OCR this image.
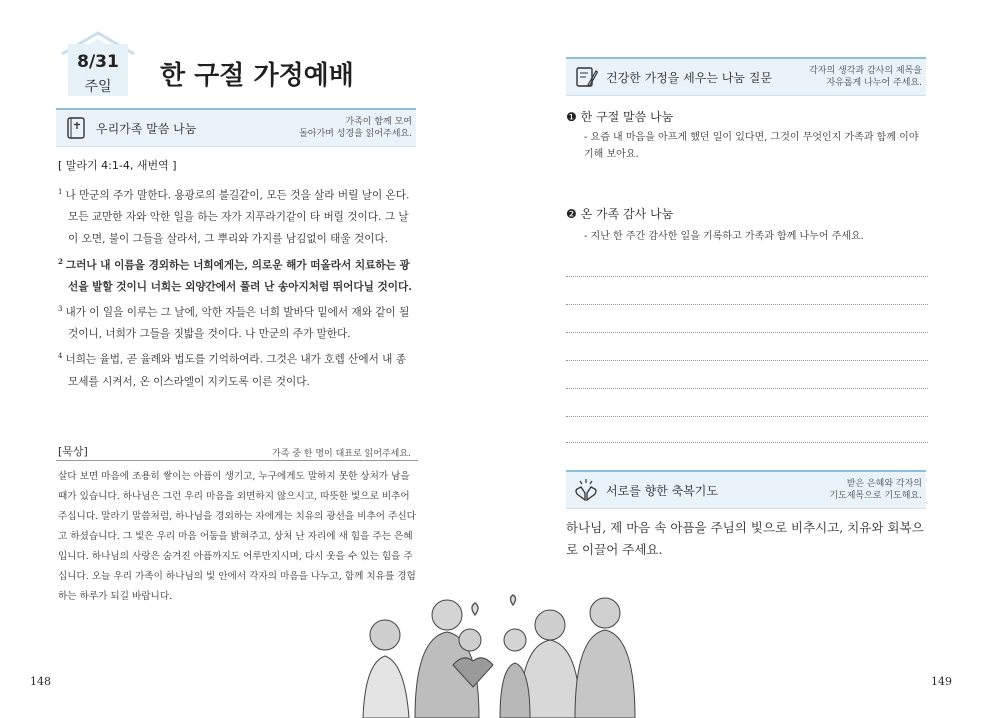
8/31
주일	한 구절 가정예배
우리가족 말씀 나눔	가족이 함께 모여
돌아가며 성경을 읽어주세요.
[ 말라기 4:1-4, 새번역 ]

$^1$ 나 만군의 주가 말한다. 용광로의 불길같이, 모든 것을 살라 버릴 날이 온다. 모든 교만한 자와 악한 일을 하는 자가 지푸라기같이 타 버릴 것이다. 그 날이 오면, 불이 그들을 살라서, 그 뿌리와 가지를 남김없이 태울 것이다.

$^2$ 그러나 내 이름을 경외하는 너희에게는, 의로운 해가 떠올라서 치료하는 광선을 발할 것이니 너희는 외양간에서 풀려 난 송아지처럼 뛰어다닐 것이다.

$^3$ 내가 이 일을 이루는 그 날에, 악한 자들은 너희 발바닥 밑에서 재와 같이 될 것이니, 너희가 그들을 짓밟을 것이다. 나 만군의 주가 말한다.

$^4$ 너희는 율법, 곧 율례와 법도를 기억하여라. 그것은 내가 호렙 산에서 내 종 모세를 시켜서, 온 이스라엘이 지키도록 이른 것이다.

[묵상]	가족 중 한 명이 대표로 읽어주세요.
살다 보면 마음에 조용히 쌓이는 아픔이 생기고, 누구에게도 말하지 못한 상처가 남을 때가 있습니다. 하나님은 그런 우리 마음을 외면하지 않으시고, 따뜻한 빛으로 비추어 주십니다. 말라기 말씀처럼, 하나님을 경외하는 자에게는 치유의 광선을 비추어 주신다고 하셨습니다. 그 빛은 우리 마음 어둠을 밝혀주고, 상처 난 자리에 새 힘을 주는 은혜입니다. 하나님의 사랑은 숨겨진 아픔까지도 어루만지시며, 다시 웃을 수 있는 힘을 주십니다. 오늘 우리 가족이 하나님의 빛 안에서 각자의 마음을 나누고, 함께 치유를 경험하는 하루가 되길 바랍니다.
148
건강한 가정을 세우는 나눔 질문	각자의 생각과 감사의 제목을
자유롭게 나누어 주세요.
❶ 한 구절 말씀 나눔
- 요즘 내 마음을 아프게 했던 일이 있다면, 그것이 무엇인지 가족과 함께 이야기해 보아요.
❷ 온 가족 감사 나눔
- 지난 한 주간 감사한 일을 기록하고 가족과 함께 나누어 주세요.
서로를 향한 축복기도	받은 은혜와 각자의
기도제목으로 기도해요.
하나님, 제 마음 속 아픔을 주님의 빛으로 비추시고, 치유와 회복으로 이끌어 주세요.
149
